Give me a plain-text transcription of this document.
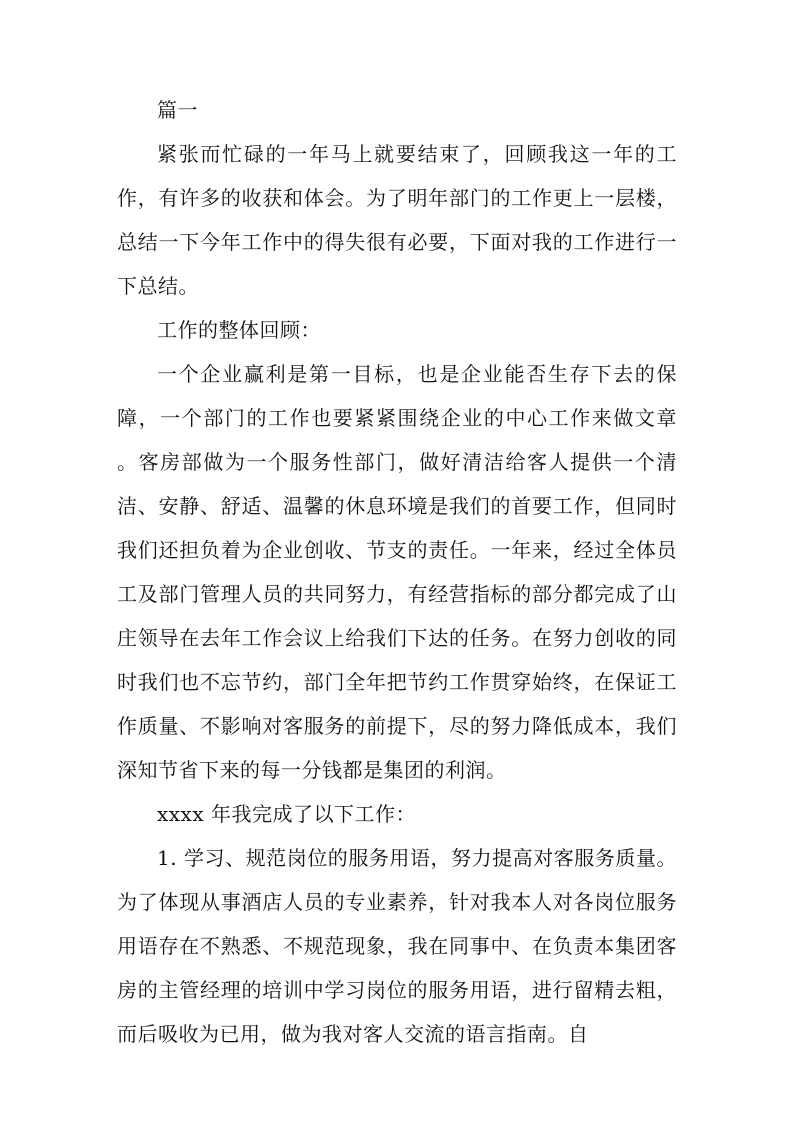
篇一

紧张而忙碌的一年马上就要结束了，回顾我这一年的工作，有许多的收获和体会。为了明年部门的工作更上一层楼，总结一下今年工作中的得失很有必要，下面对我的工作进行一下总结。

工作的整体回顾：

一个企业赢利是第一目标，也是企业能否生存下去的保障，一个部门的工作也要紧紧围绕企业的中心工作来做文章 。客房部做为一个服务性部门，做好清洁给客人提供一个清洁、安静、舒适、温馨的休息环境是我们的首要工作，但同时我们还担负着为企业创收、节支的责任。一年来，经过全体员工及部门管理人员的共同努力，有经营指标的部分都完成了山庄领导在去年工作会议上给我们下达的任务。在努力创收的同时我们也不忘节约，部门全年把节约工作贯穿始终，在保证工作质量、不影响对客服务的前提下，尽的努力降低成本，我们深知节省下来的每一分钱都是集团的利润。

xxxx 年我完成了以下工作：

1. 学习、规范岗位的服务用语，努力提高对客服务质量。为了体现从事酒店人员的专业素养，针对我本人对各岗位服务用语存在不熟悉、不规范现象，我在同事中、在负责本集团客房的主管经理的培训中学习岗位的服务用语，进行留精去粗，而后吸收为已用，做为我对客人交流的语言指南。自
